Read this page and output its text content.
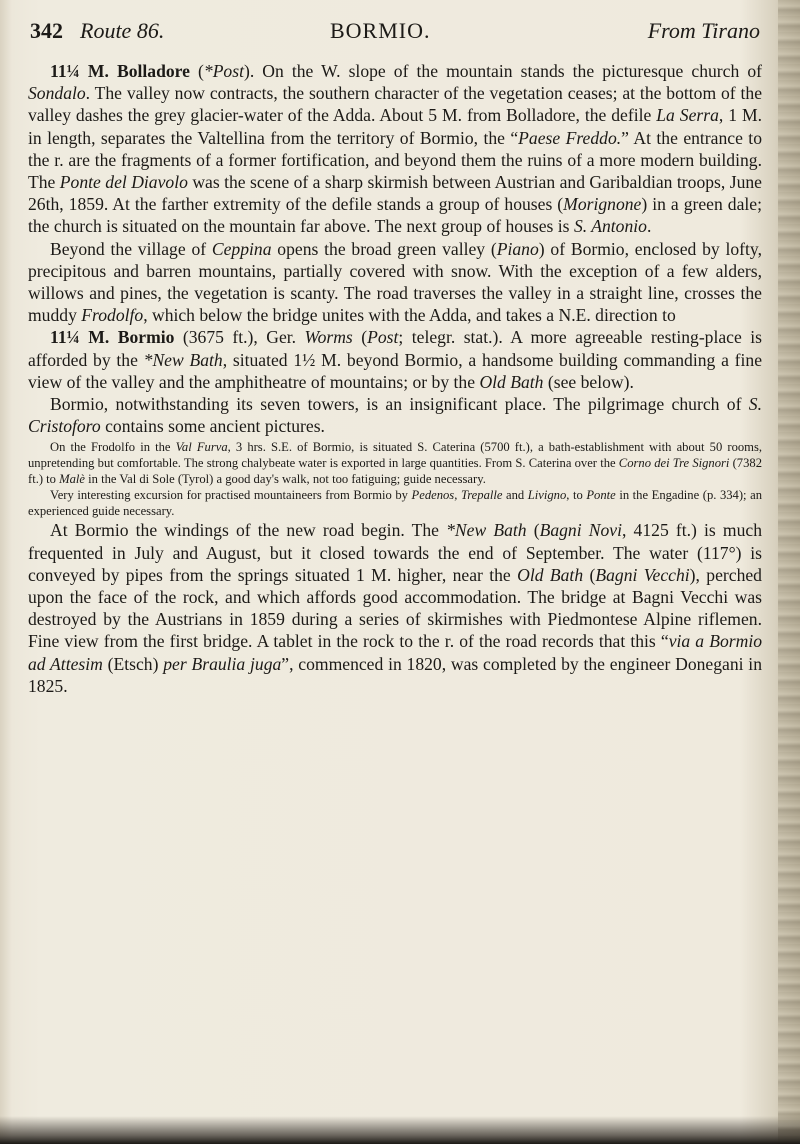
342 Route 86.	BORMIO.	From Tirano

11¼ M. Bolladore (*Post). On the W. slope of the mountain stands the picturesque church of Sondalo. The valley now contracts, the southern character of the vegetation ceases; at the bottom of the valley dashes the grey glacier-water of the Adda. About 5 M. from Bolladore, the defile La Serra, 1 M. in length, separates the Valtellina from the territory of Bormio, the “Paese Freddo.” At the entrance to the r. are the fragments of a former fortification, and beyond them the ruins of a more modern building. The Ponte del Diavolo was the scene of a sharp skirmish between Austrian and Garibaldian troops, June 26th, 1859. At the farther extremity of the defile stands a group of houses (Morignone) in a green dale; the church is situated on the mountain far above. The next group of houses is S. Antonio.

Beyond the village of Ceppina opens the broad green valley (Piano) of Bormio, enclosed by lofty, precipitous and barren mountains, partially covered with snow. With the exception of a few alders, willows and pines, the vegetation is scanty. The road traverses the valley in a straight line, crosses the muddy Frodolfo, which below the bridge unites with the Adda, and takes a N.E. direction to

11¼ M. Bormio (3675 ft.), Ger. Worms (Post; telegr. stat.). A more agreeable resting-place is afforded by the *New Bath, situated 1½ M. beyond Bormio, a handsome building commanding a fine view of the valley and the amphitheatre of mountains; or by the Old Bath (see below).

Bormio, notwithstanding its seven towers, is an insignificant place. The pilgrimage church of S. Cristoforo contains some ancient pictures.

On the Frodolfo in the Val Furva, 3 hrs. S.E. of Bormio, is situated S. Caterina (5700 ft.), a bath-establishment with about 50 rooms, unpretending but comfortable. The strong chalybeate water is exported in large quantities. From S. Caterina over the Corno dei Tre Signori (7382 ft.) to Malè in the Val di Sole (Tyrol) a good day's walk, not too fatiguing; guide necessary.

Very interesting excursion for practised mountaineers from Bormio by Pedenos, Trepalle and Livigno, to Ponte in the Engadine (p. 334); an experienced guide necessary.

At Bormio the windings of the new road begin. The *New Bath (Bagni Novi, 4125 ft.) is much frequented in July and August, but it closed towards the end of September. The water (117°) is conveyed by pipes from the springs situated 1 M. higher, near the Old Bath (Bagni Vecchi), perched upon the face of the rock, and which affords good accommodation. The bridge at Bagni Vecchi was destroyed by the Austrians in 1859 during a series of skirmishes with Piedmontese Alpine riflemen. Fine view from the first bridge. A tablet in the rock to the r. of the road records that this “via a Bormio ad Attesim (Etsch) per Braulia juga”, commenced in 1820, was completed by the engineer Donegani in 1825.
